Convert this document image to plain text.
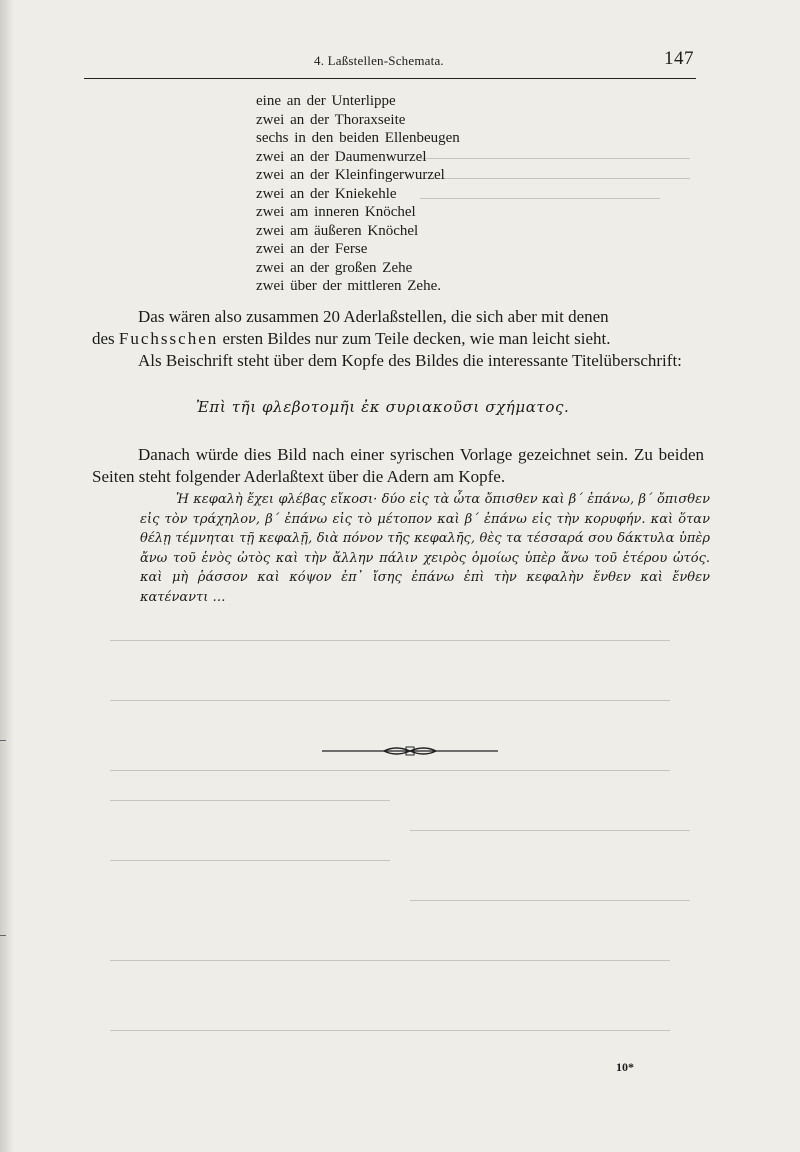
4. Laßstellen-Schemata.	147
eine an der Unterlippe
zwei an der Thoraxseite
sechs in den beiden Ellenbeugen
zwei an der Daumenwurzel
zwei an der Kleinfingerwurzel
zwei an der Kniekehle
zwei am inneren Knöchel
zwei am äußeren Knöchel
zwei an der Ferse
zwei an der großen Zehe
zwei über der mittleren Zehe.

Das wären also zusammen 20 Aderlaßstellen, die sich aber mit denen
des Fuchsschen ersten Bildes nur zum Teile decken, wie man leicht sieht.

Als Beischrift steht über dem Kopfe des Bildes die interessante Titelüberschrift:

Ἐπὶ τῆι φλεβοτομῆι ἐκ συριακοῦσι σχήματος.

Danach würde dies Bild nach einer syrischen Vorlage gezeichnet sein. Zu beiden Seiten steht folgender Aderlaßtext über die Adern am Kopfe.

Ἡ κεφαλὴ ἔχει φλέβας εἴκοσι· δύο εἰς τὰ ὦτα ὄπισθεν καὶ β΄ ἐπάνω, β΄ ὄπισθεν εἰς τὸν τράχηλον, β΄ ἐπάνω εἰς τὸ μέτοπον καὶ β΄ ἐπάνω εἰς τὴν κορυφήν. καὶ ὅταν θέλῃ τέμνηται τῇ κεφαλῇ, διὰ πόνον τῆς κεφαλῆς, θὲς τα τέσσαρά σου δάκτυλα ὑπὲρ ἄνω τοῦ ἑνὸς ὠτὸς καὶ τὴν ἄλλην πάλιν χειρὸς ὁμοίως ὑπὲρ ἄνω τοῦ ἑτέρου ὠτός. καὶ μὴ ῥάσσον καὶ κόψον ἐπ᾿ ἴσης ἐπάνω ἐπὶ τὴν κεφαλὴν ἔνθεν καὶ ἔνθεν κατέναντι …

10*
